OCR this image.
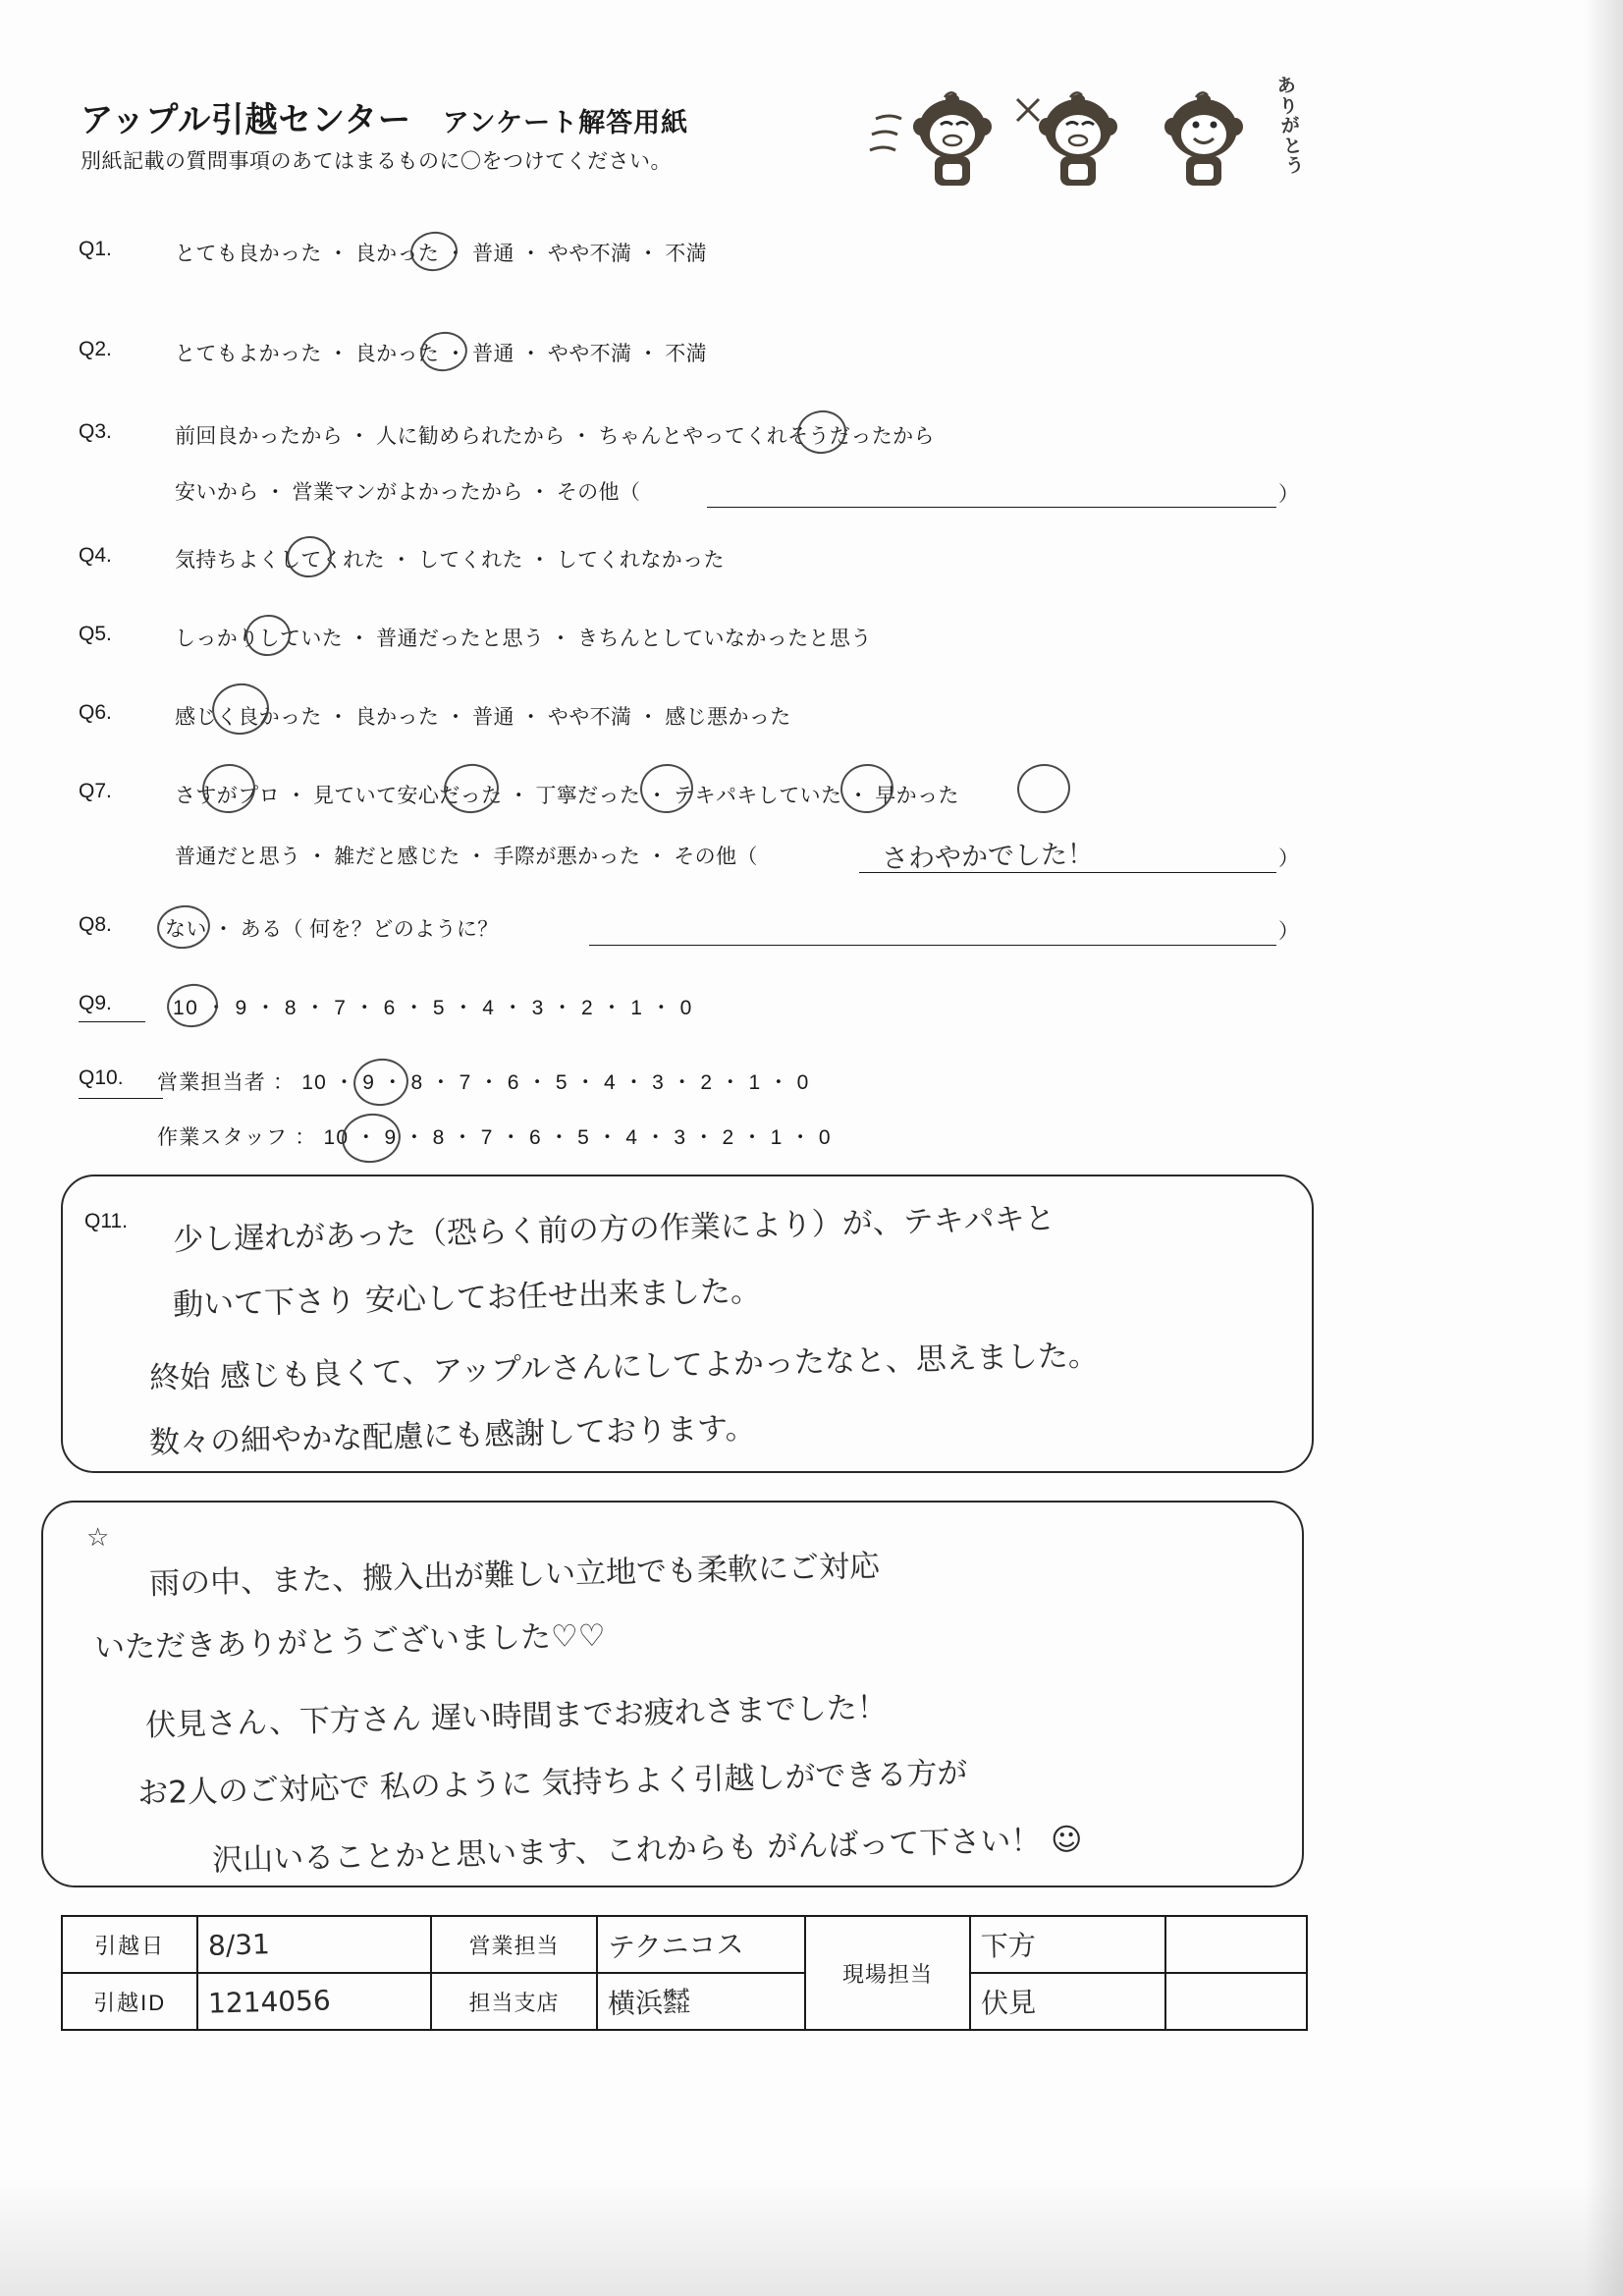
アップル引越センター アンケート解答用紙
別紙記載の質問事項のあてはまるものに〇をつけてください。
あ
り
が
と
う
Q1.	とても良かった ・ 良かった ・ 普通 ・ やや不満 ・ 不満
Q2.	とてもよかった ・ 良かった ・ 普通 ・ やや不満 ・ 不満
Q3.	前回良かったから ・ 人に勧められたから ・ ちゃんとやってくれそうだったから
安いから ・ 営業マンがよかったから ・ その他（	）
Q4.	気持ちよくしてくれた ・ してくれた ・ してくれなかった
Q5.	しっかりしていた ・ 普通だったと思う ・ きちんとしていなかったと思う
Q6.	感じく良かった ・ 良かった ・ 普通 ・ やや不満 ・ 感じ悪かった
Q7.	さすがプロ ・ 見ていて安心だった ・ 丁寧だった ・ テキパキしていた ・ 早かった
普通だと思う ・ 雑だと感じた ・ 手際が悪かった ・ その他（	）
さわやかでした！
Q8.	ない ・ ある（ 何を？どのように？	）
Q9.	10 ・ 9 ・ 8 ・ 7 ・ 6 ・ 5 ・ 4 ・ 3 ・ 2 ・ 1 ・ 0
Q10. 営業担当者 ： 10 ・ 9 ・ 8 ・ 7 ・ 6 ・ 5 ・ 4 ・ 3 ・ 2 ・ 1 ・ 0
作業スタッフ ： 10 ・ 9 ・ 8 ・ 7 ・ 6 ・ 5 ・ 4 ・ 3 ・ 2 ・ 1 ・ 0
Q11. 少し遅れがあった（恐らく前の方の作業により）が、テキパキと
動いて下さり 安心してお任せ出来ました。
終始 感じも良くて、アップルさんにしてよかったなと、思えました。
数々の細やかな配慮にも感謝しております。
☆
雨の中、また、搬入出が難しい立地でも柔軟にご対応
いただきありがとうございました♡♡
伏見さん、下方さん 遅い時間までお疲れさまでした！
お2人のご対応で 私のように 気持ちよく引越しができる方が
沢山いることかと思います、これからも がんばって下さい！ ☺
引越日	8/31	営業担当	テクニコス	現場担当	下方	
引越ID	1214056	担当支店	横浜㍿		伏見	
